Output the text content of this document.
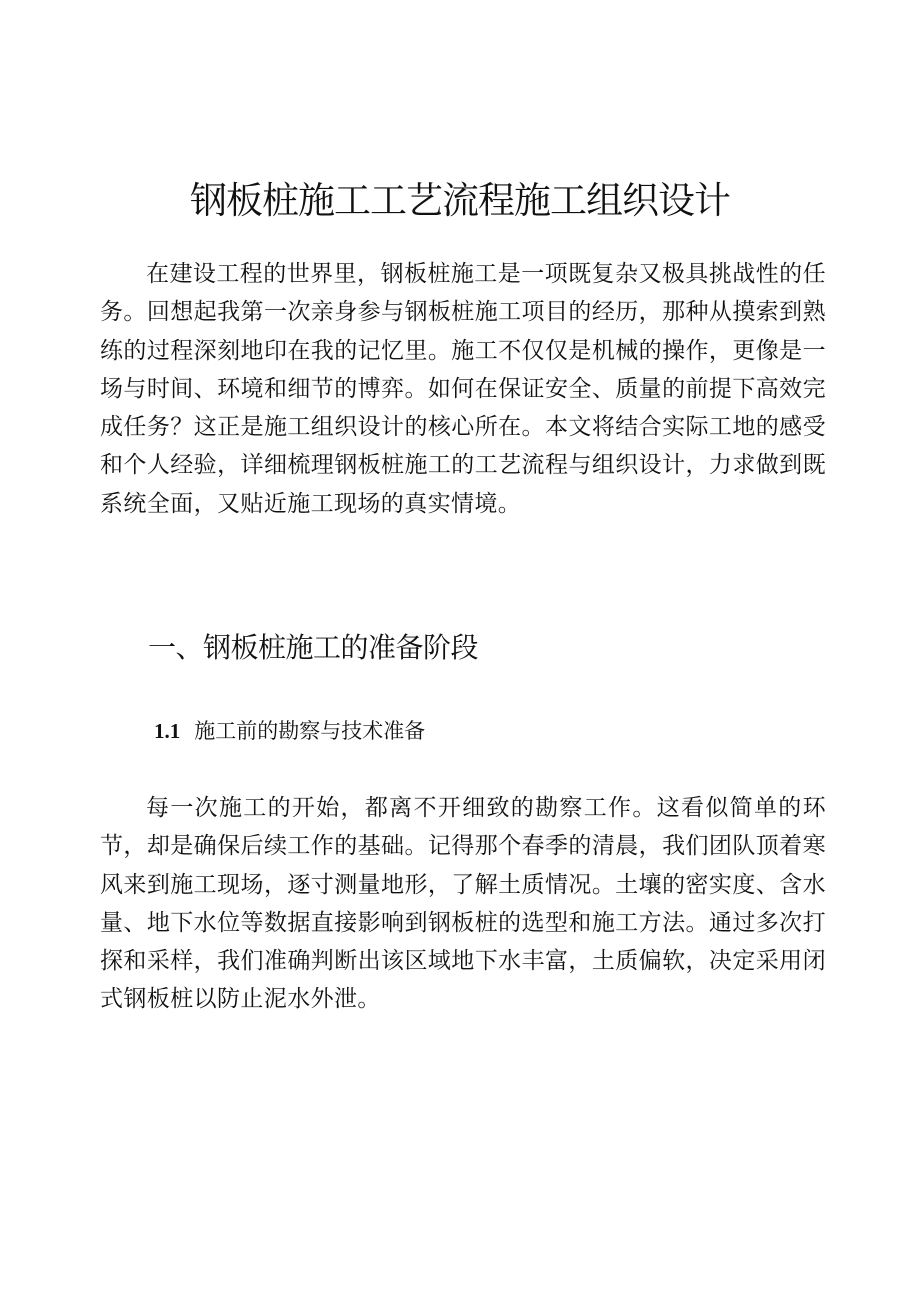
钢板桩施工工艺流程施工组织设计

在建设工程的世界里，钢板桩施工是一项既复杂又极具挑战性的任务。回想起我第一次亲身参与钢板桩施工项目的经历，那种从摸索到熟练的过程深刻地印在我的记忆里。施工不仅仅是机械的操作，更像是一场与时间、环境和细节的博弈。如何在保证安全、质量的前提下高效完成任务？这正是施工组织设计的核心所在。本文将结合实际工地的感受和个人经验，详细梳理钢板桩施工的工艺流程与组织设计，力求做到既系统全面，又贴近施工现场的真实情境。

一、钢板桩施工的准备阶段
1.1 施工前的勘察与技术准备

每一次施工的开始，都离不开细致的勘察工作。这看似简单的环节，却是确保后续工作的基础。记得那个春季的清晨，我们团队顶着寒风来到施工现场，逐寸测量地形，了解土质情况。土壤的密实度、含水量、地下水位等数据直接影响到钢板桩的选型和施工方法。通过多次打探和采样，我们准确判断出该区域地下水丰富，土质偏软，决定采用闭式钢板桩以防止泥水外泄。
